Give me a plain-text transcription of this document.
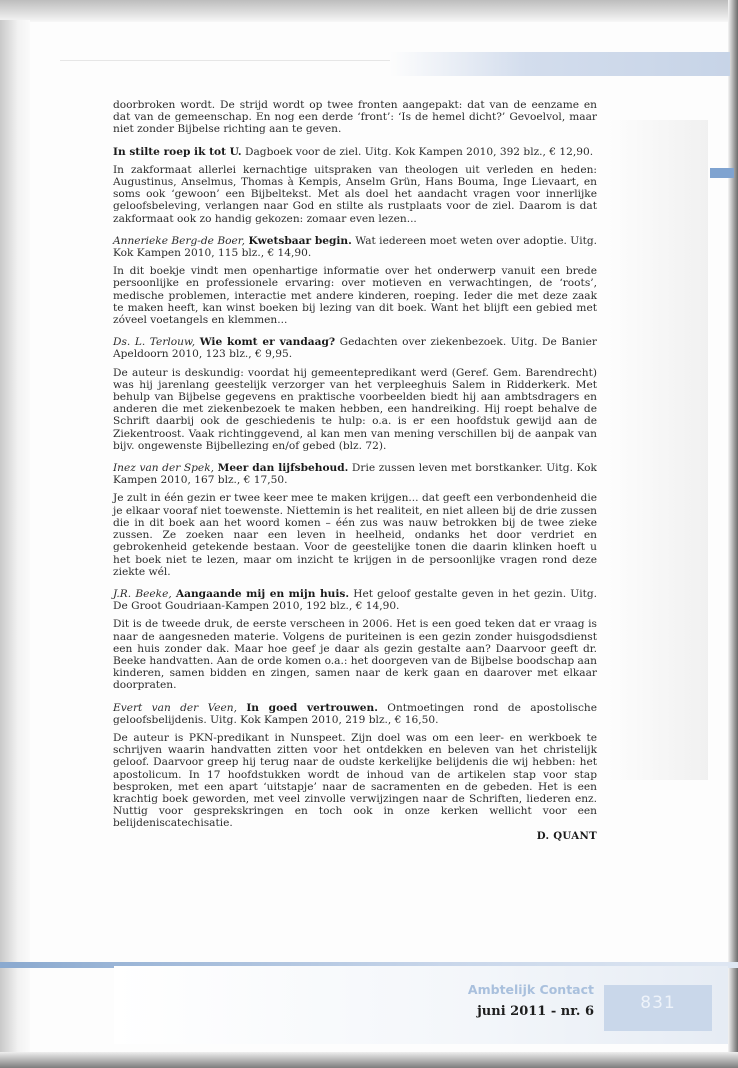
doorbroken wordt. De strijd wordt op twee fronten aangepakt: dat van de eenzame en dat van de gemeenschap. En nog een derde ‘front’: ‘Is de hemel dicht?’ Gevoelvol, maar niet zonder Bijbelse richting aan te geven.

In stilte roep ik tot U. Dagboek voor de ziel. Uitg. Kok Kampen 2010, 392 blz., € 12,90.

In zakformaat allerlei kernachtige uitspraken van theologen uit verleden en heden: Augustinus, Anselmus, Thomas à Kempis, Anselm Grün, Hans Bouma, Inge Lievaart, en soms ook ‘gewoon’ een Bijbeltekst. Met als doel het aandacht vragen voor innerlijke geloofsbeleving, verlangen naar God en stilte als rustplaats voor de ziel. Daarom is dat zakformaat ook zo handig gekozen: zomaar even lezen...

Annerieke Berg-de Boer, Kwetsbaar begin. Wat iedereen moet weten over adoptie. Uitg. Kok Kampen 2010, 115 blz., € 14,90.

In dit boekje vindt men openhartige informatie over het onderwerp vanuit een brede persoonlijke en professionele ervaring: over motieven en verwachtingen, de ‘roots’, medische problemen, interactie met andere kinderen, roeping. Ieder die met deze zaak te maken heeft, kan winst boeken bij lezing van dit boek. Want het blijft een gebied met zóveel voetangels en klemmen...

Ds. L. Terlouw, Wie komt er vandaag? Gedachten over ziekenbezoek. Uitg. De Banier Apeldoorn 2010, 123 blz., € 9,95.

De auteur is deskundig: voordat hij gemeentepredikant werd (Geref. Gem. Barendrecht) was hij jarenlang geestelijk verzorger van het verpleeghuis Salem in Ridderkerk. Met behulp van Bijbelse gegevens en praktische voorbeelden biedt hij aan ambtsdragers en anderen die met ziekenbezoek te maken hebben, een handreiking. Hij roept behalve de Schrift daarbij ook de geschiedenis te hulp: o.a. is er een hoofdstuk gewijd aan de Ziekentroost. Vaak richtinggevend, al kan men van mening verschillen bij de aanpak van bijv. ongewenste Bijbellezing en/of gebed (blz. 72).

Inez van der Spek, Meer dan lijfsbehoud. Drie zussen leven met borstkanker. Uitg. Kok Kampen 2010, 167 blz., € 17,50.

Je zult in één gezin er twee keer mee te maken krijgen... dat geeft een verbondenheid die je elkaar vooraf niet toewenste. Niettemin is het realiteit, en niet alleen bij de drie zussen die in dit boek aan het woord komen – één zus was nauw betrokken bij de twee zieke zussen. Ze zoeken naar een leven in heelheid, ondanks het door verdriet en gebrokenheid getekende bestaan. Voor de geestelijke tonen die daarin klinken hoeft u het boek niet te lezen, maar om inzicht te krijgen in de persoonlijke vragen rond deze ziekte wél.

J.R. Beeke, Aangaande mij en mijn huis. Het geloof gestalte geven in het gezin. Uitg. De Groot Goudriaan-Kampen 2010, 192 blz., € 14,90.

Dit is de tweede druk, de eerste verscheen in 2006. Het is een goed teken dat er vraag is naar de aangesneden materie. Volgens de puriteinen is een gezin zonder huisgodsdienst een huis zonder dak. Maar hoe geef je daar als gezin gestalte aan? Daarvoor geeft dr. Beeke handvatten. Aan de orde komen o.a.: het doorgeven van de Bijbelse boodschap aan kinderen, samen bidden en zingen, samen naar de kerk gaan en daarover met elkaar doorpraten.

Evert van der Veen, In goed vertrouwen. Ontmoetingen rond de apostolische geloofsbelijdenis. Uitg. Kok Kampen 2010, 219 blz., € 16,50.

De auteur is PKN-predikant in Nunspeet. Zijn doel was om een leer- en werkboek te schrijven waarin handvatten zitten voor het ontdekken en beleven van het christelijk geloof. Daarvoor greep hij terug naar de oudste kerkelijke belijdenis die wij hebben: het apostolicum. In 17 hoofdstukken wordt de inhoud van de artikelen stap voor stap besproken, met een apart ‘uitstapje’ naar de sacramenten en de gebeden. Het is een krachtig boek geworden, met veel zinvolle verwijzingen naar de Schriften, liederen enz. Nuttig voor gesprekskringen en toch ook in onze kerken wellicht voor een belijdeniscatechisatie.

D. QUANT

Ambtelijk Contact
juni 2011 - nr. 6	831
